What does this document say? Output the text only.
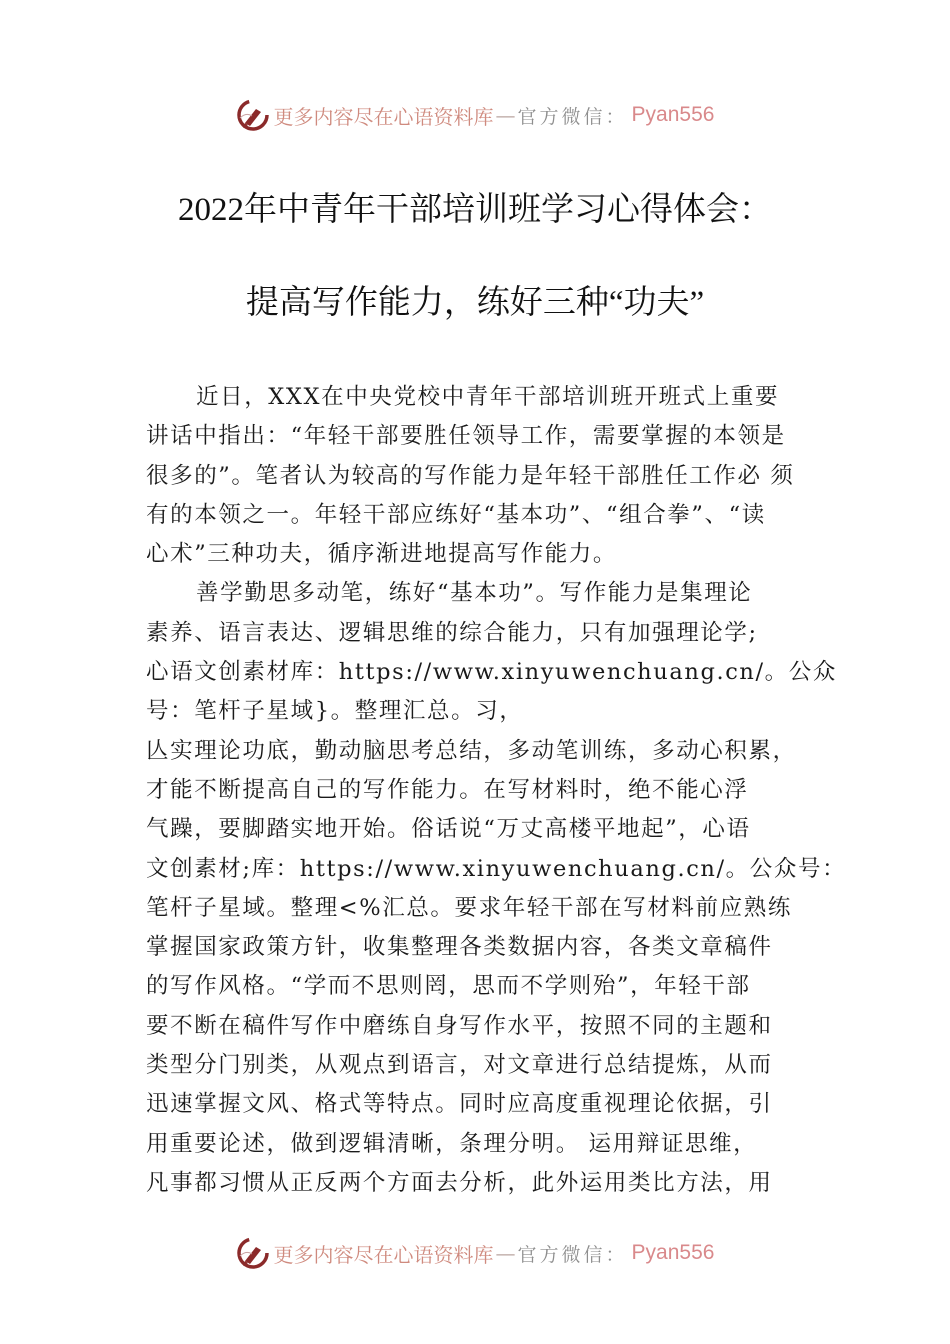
更多内容尽在心语资料库 — 官方微信： Pyan556
2022年中青年干部培训班学习心得体会：
提高写作能力，练好三种“功夫”
近日，XXX在中央党校中青年干部培训班开班式上重要
讲话中指出：“年轻干部要胜任领导工作，需要掌握的本领是
很多的”。笔者认为较高的写作能力是年轻干部胜任工作必 须
有的本领之一。年轻干部应练好“基本功”、“组合拳”、“读
心术”三种功夫，循序渐进地提高写作能力。
善学勤思多动笔，练好“基本功”。写作能力是集理论
素养、语言表达、逻辑思维的综合能力，只有加强理论学;
心语文创素材库：https://www.xinyuwenchuang.cn/。公众
号：笔杆子星域}。整理汇总。习，
亾实理论功底，勤动脑思考总结，多动笔训练，多动心积累，
才能不断提高自己的写作能力。在写材料时，绝不能心浮
气躁，要脚踏实地开始。俗话说“万丈高楼平地起”，心语
文创素材;库：https://www.xinyuwenchuang.cn/。公众号：
笔杆子星域。整理<%汇总。要求年轻干部在写材料前应熟练
掌握国家政策方针，收集整理各类数据内容，各类文章稿件
的写作风格。“学而不思则罔，思而不学则殆”，年轻干部
要不断在稿件写作中磨练自身写作水平，按照不同的主题和
类型分门别类，从观点到语言，对文章进行总结提炼，从而
迅速掌握文风、格式等特点。同时应高度重视理论依据，引
用重要论述，做到逻辑清晰，条理分明。 运用辩证思维，
凡事都习惯从正反两个方面去分析，此外运用类比方法，用
更多内容尽在心语资料库 — 官方微信： Pyan556
